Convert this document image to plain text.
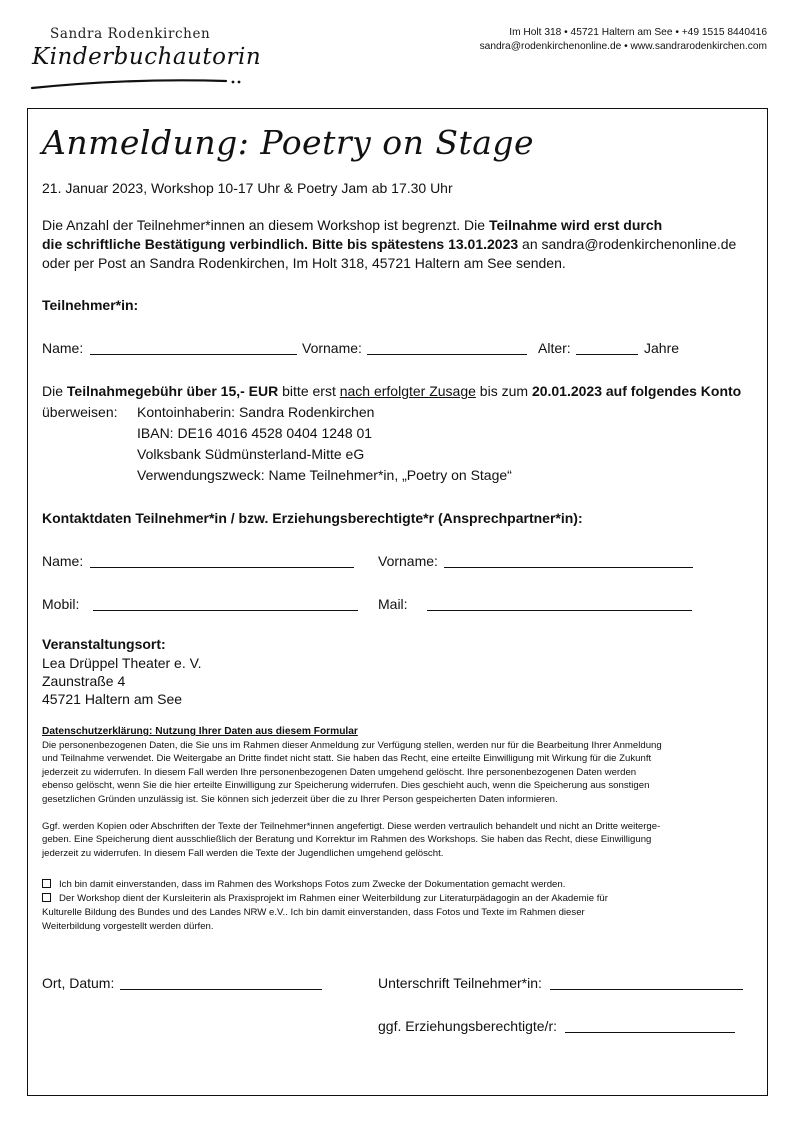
Sandra Rodenkirchen
Kinderbuchautorin
Im Holt 318 • 45721 Haltern am See • +49 1515 8440416
sandra@rodenkirchenonline.de • www.sandrarodenkirchen.com
Anmeldung: Poetry on Stage
21. Januar 2023, Workshop 10-17 Uhr & Poetry Jam ab 17.30 Uhr
Die Anzahl der Teilnehmer*innen an diesem Workshop ist begrenzt. Die Teilnahme wird erst durch
die schriftliche Bestätigung verbindlich. Bitte bis spätestens 13.01.2023 an sandra@rodenkirchenonline.de
oder per Post an Sandra Rodenkirchen, Im Holt 318, 45721 Haltern am See senden.
Teilnehmer*in:
Name:	Vorname:	Alter:	Jahre
Die Teilnahmegebühr über 15,- EUR bitte erst nach erfolgter Zusage bis zum 20.01.2023 auf folgendes Konto
überweisen: Kontoinhaberin: Sandra Rodenkirchen
IBAN: DE16 4016 4528 0404 1248 01
Volksbank Südmünsterland-Mitte eG
Verwendungszweck: Name Teilnehmer*in, „Poetry on Stage“
Kontaktdaten Teilnehmer*in / bzw. Erziehungsberechtigte*r (Ansprechpartner*in):
Name:	Vorname:
Mobil:	Mail:
Veranstaltungsort:
Lea Drüppel Theater e. V.
Zaunstraße 4
45721 Haltern am See
Datenschutzerklärung: Nutzung Ihrer Daten aus diesem Formular
Die personenbezogenen Daten, die Sie uns im Rahmen dieser Anmeldung zur Verfügung stellen, werden nur für die Bearbeitung Ihrer Anmeldung
und Teilnahme verwendet. Die Weitergabe an Dritte findet nicht statt. Sie haben das Recht, eine erteilte Einwilligung mit Wirkung für die Zukunft
jederzeit zu widerrufen. In diesem Fall werden Ihre personenbezogenen Daten umgehend gelöscht. Ihre personenbezogenen Daten werden
ebenso gelöscht, wenn Sie die hier erteilte Einwilligung zur Speicherung widerrufen. Dies geschieht auch, wenn die Speicherung aus sonstigen
gesetzlichen Gründen unzulässig ist. Sie können sich jederzeit über die zu Ihrer Person gespeicherten Daten informieren.
Ggf. werden Kopien oder Abschriften der Texte der Teilnehmer*innen angefertigt. Diese werden vertraulich behandelt und nicht an Dritte weiterge-
geben. Eine Speicherung dient ausschließlich der Beratung und Korrektur im Rahmen des Workshops. Sie haben das Recht, diese Einwilligung
jederzeit zu widerrufen. In diesem Fall werden die Texte der Jugendlichen umgehend gelöscht.
Ich bin damit einverstanden, dass im Rahmen des Workshops Fotos zum Zwecke der Dokumentation gemacht werden.
Der Workshop dient der Kursleiterin als Praxisprojekt im Rahmen einer Weiterbildung zur Literaturpädagogin an der Akademie für
Kulturelle Bildung des Bundes und des Landes NRW e.V.. Ich bin damit einverstanden, dass Fotos und Texte im Rahmen dieser
Weiterbildung vorgestellt werden dürfen.
Ort, Datum:	Unterschrift Teilnehmer*in:
ggf. Erziehungsberechtigte/r:
